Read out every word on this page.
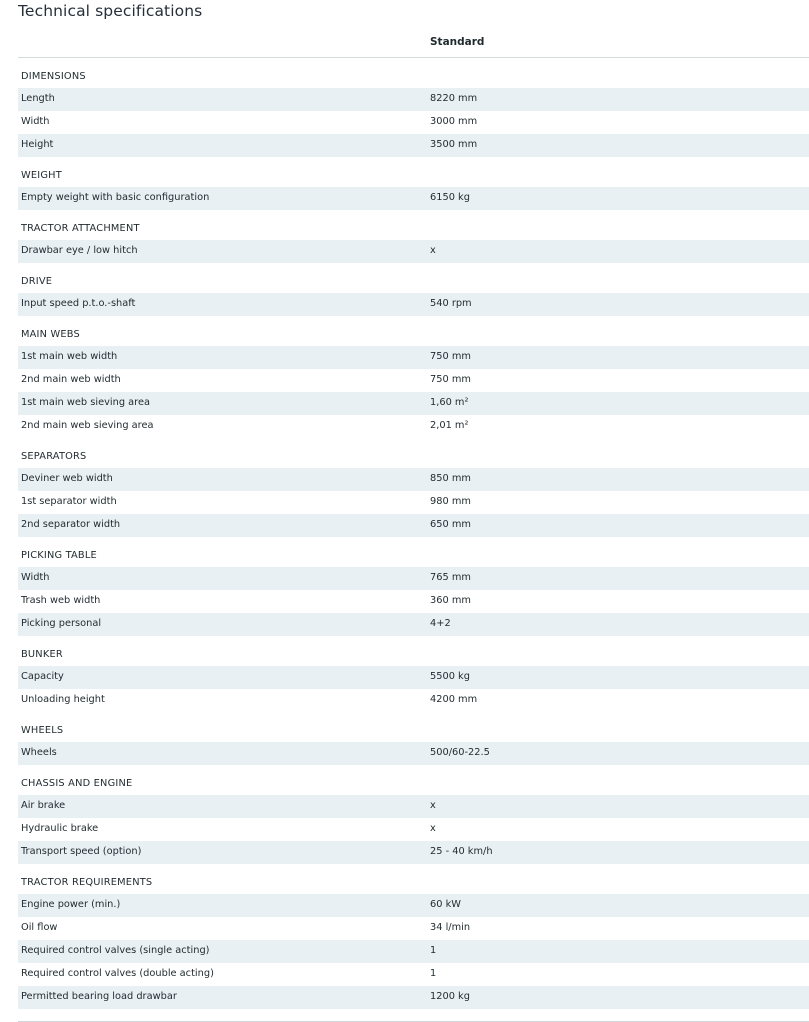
Technical specifications
Standard
DIMENSIONS
Length	8220 mm
Width	3000 mm
Height	3500 mm
WEIGHT
Empty weight with basic configuration	6150 kg
TRACTOR ATTACHMENT
Drawbar eye / low hitch	x
DRIVE
Input speed p.t.o.-shaft	540 rpm
MAIN WEBS
1st main web width	750 mm
2nd main web width	750 mm
1st main web sieving area	1,60 m²
2nd main web sieving area	2,01 m²
SEPARATORS
Deviner web width	850 mm
1st separator width	980 mm
2nd separator width	650 mm
PICKING TABLE
Width	765 mm
Trash web width	360 mm
Picking personal	4+2
BUNKER
Capacity	5500 kg
Unloading height	4200 mm
WHEELS
Wheels	500/60-22.5
CHASSIS AND ENGINE
Air brake	x
Hydraulic brake	x
Transport speed (option)	25 - 40 km/h
TRACTOR REQUIREMENTS
Engine power (min.)	60 kW
Oil flow	34 l/min
Required control valves (single acting)	1
Required control valves (double acting)	1
Permitted bearing load drawbar	1200 kg
